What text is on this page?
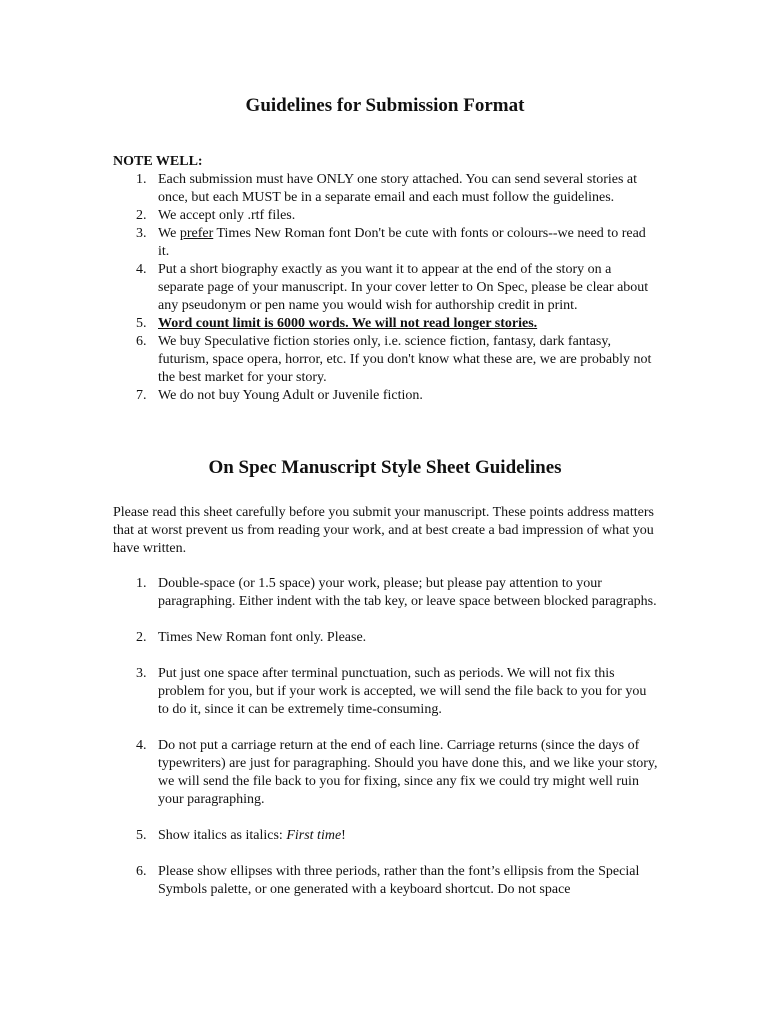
Guidelines for Submission Format

NOTE WELL:

1. Each submission must have ONLY one story attached. You can send several stories at once, but each MUST be in a separate email and each must follow the guidelines.
2. We accept only .rtf files.
3. We prefer Times New Roman font Don't be cute with fonts or colours--we need to read it.
4. Put a short biography exactly as you want it to appear at the end of the story on a separate page of your manuscript. In your cover letter to On Spec, please be clear about any pseudonym or pen name you would wish for authorship credit in print.
5. Word count limit is 6000 words. We will not read longer stories.
6. We buy Speculative fiction stories only, i.e. science fiction, fantasy, dark fantasy, futurism, space opera, horror, etc. If you don't know what these are, we are probably not the best market for your story.
7. We do not buy Young Adult or Juvenile fiction.
On Spec Manuscript Style Sheet Guidelines

Please read this sheet carefully before you submit your manuscript. These points address matters that at worst prevent us from reading your work, and at best create a bad impression of what you have written.

1. Double-space (or 1.5 space) your work, please; but please pay attention to your paragraphing. Either indent with the tab key, or leave space between blocked paragraphs.
2. Times New Roman font only. Please.
3. Put just one space after terminal punctuation, such as periods. We will not fix this problem for you, but if your work is accepted, we will send the file back to you for you to do it, since it can be extremely time-consuming.
4. Do not put a carriage return at the end of each line. Carriage returns (since the days of typewriters) are just for paragraphing. Should you have done this, and we like your story, we will send the file back to you for fixing, since any fix we could try might well ruin your paragraphing.
5. Show italics as italics: First time!
6. Please show ellipses with three periods, rather than the font’s ellipsis from the Special Symbols palette, or one generated with a keyboard shortcut. Do not space
